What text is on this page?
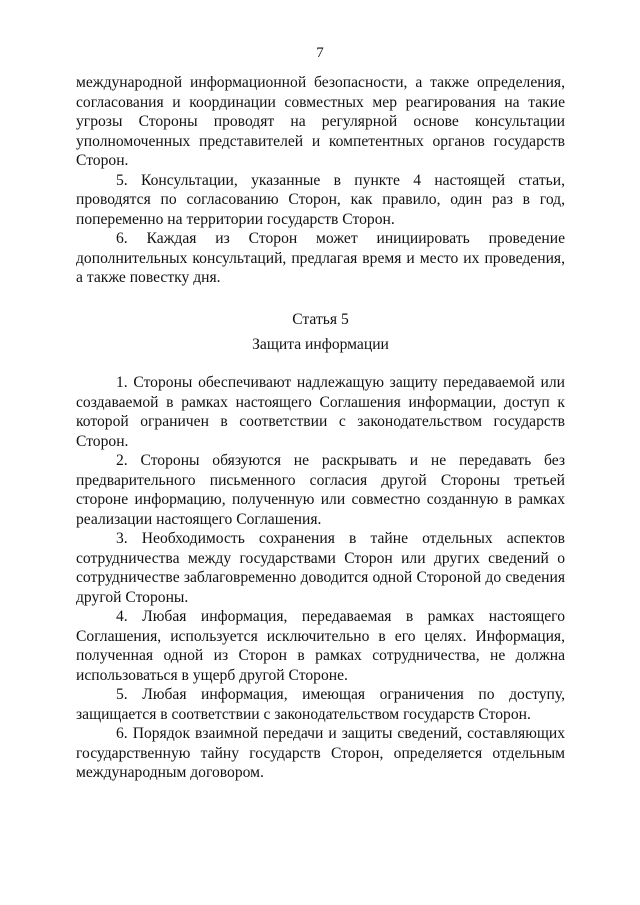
7

международной информационной безопасности, а также определения, согласования и координации совместных мер реагирования на такие угрозы Стороны проводят на регулярной основе консультации уполномоченных представителей и компетентных органов государств Сторон.

5. Консультации, указанные в пункте 4 настоящей статьи, проводятся по согласованию Сторон, как правило, один раз в год, попеременно на территории государств Сторон.

6. Каждая из Сторон может инициировать проведение дополнительных консультаций, предлагая время и место их проведения, а также повестку дня.

Статья 5
Защита информации

1. Стороны обеспечивают надлежащую защиту передаваемой или создаваемой в рамках настоящего Соглашения информации, доступ к которой ограничен в соответствии с законодательством государств Сторон.

2. Стороны обязуются не раскрывать и не передавать без предварительного письменного согласия другой Стороны третьей стороне информацию, полученную или совместно созданную в рамках реализации настоящего Соглашения.

3. Необходимость сохранения в тайне отдельных аспектов сотрудничества между государствами Сторон или других сведений о сотрудничестве заблаговременно доводится одной Стороной до сведения другой Стороны.

4. Любая информация, передаваемая в рамках настоящего Соглашения, используется исключительно в его целях. Информация, полученная одной из Сторон в рамках сотрудничества, не должна использоваться в ущерб другой Стороне.

5. Любая информация, имеющая ограничения по доступу, защищается в соответствии с законодательством государств Сторон.

6. Порядок взаимной передачи и защиты сведений, составляющих государственную тайну государств Сторон, определяется отдельным международным договором.
